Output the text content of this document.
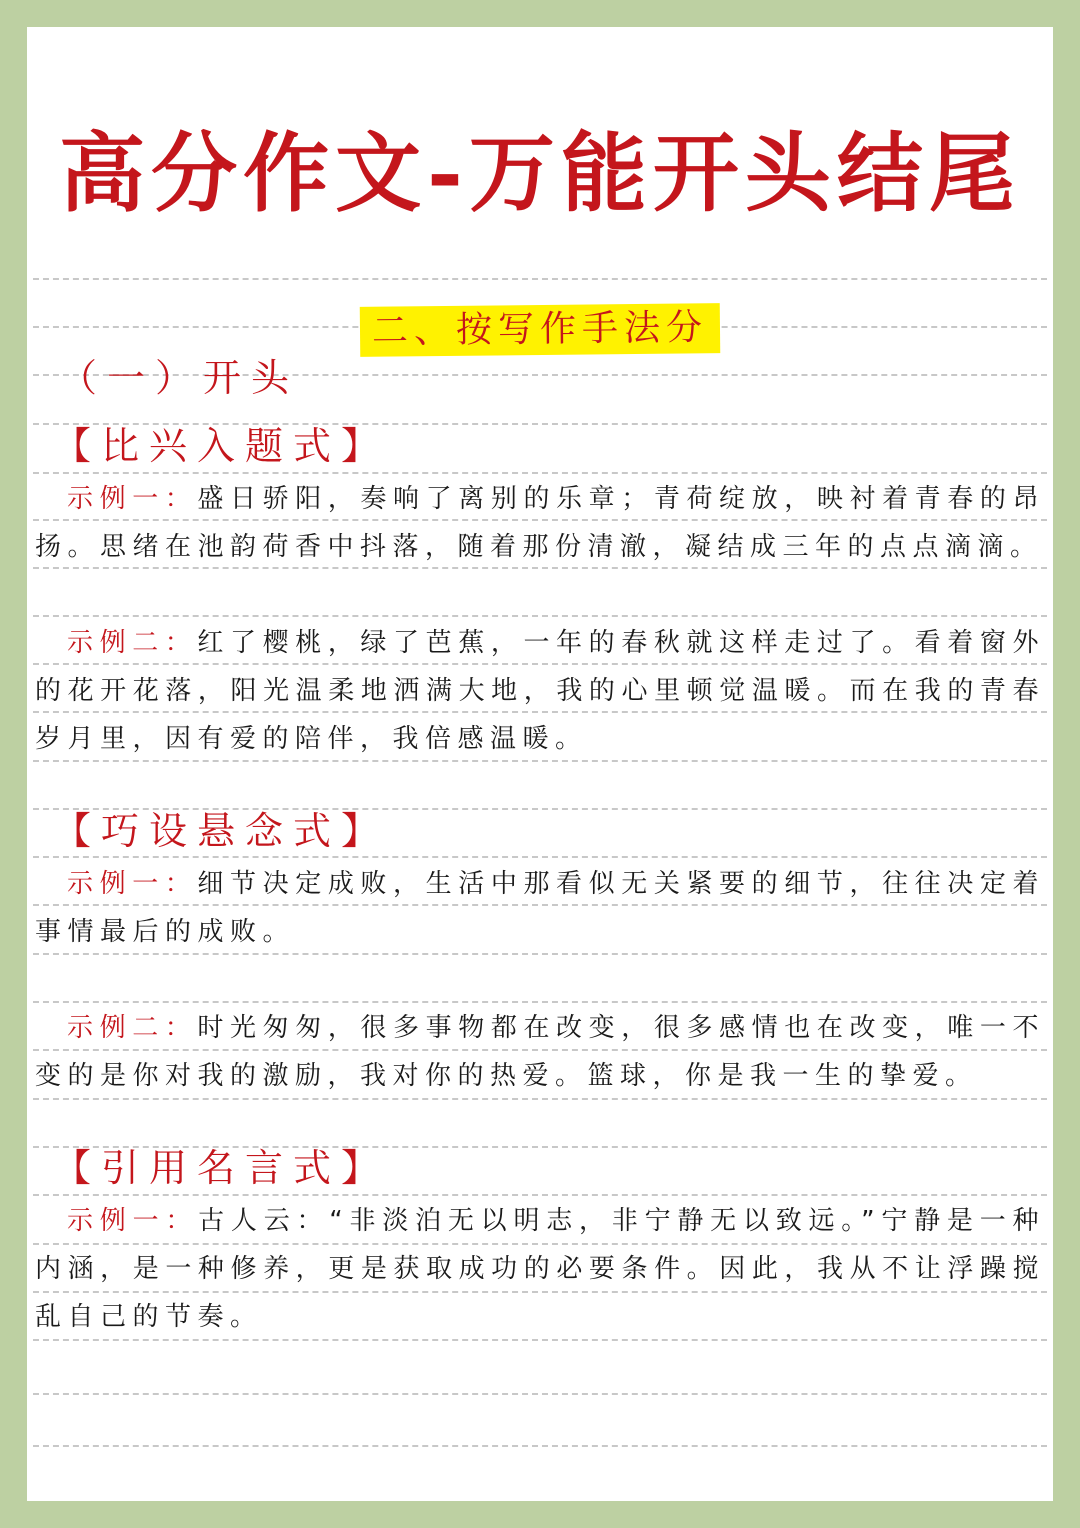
高分作文-万能开头结尾
二、按写作手法分
（一）开头
【比兴入题式】
示例一：盛日骄阳，奏响了离别的乐章；青荷绽放，映衬着青春的昂扬。思绪在池韵荷香中抖落，随着那份清澈，凝结成三年的点点滴滴。
示例二：红了樱桃，绿了芭蕉，一年的春秋就这样走过了。看着窗外的花开花落，阳光温柔地洒满大地，我的心里顿觉温暖。而在我的青春岁月里，因有爱的陪伴，我倍感温暖。
【巧设悬念式】
示例一：细节决定成败，生活中那看似无关紧要的细节，往往决定着事情最后的成败。
示例二：时光匆匆，很多事物都在改变，很多感情也在改变，唯一不变的是你对我的激励，我对你的热爱。篮球，你是我一生的挚爱。
【引用名言式】
示例一：古人云：“非淡泊无以明志，非宁静无以致远。”宁静是一种内涵，是一种修养，更是获取成功的必要条件。因此，我从不让浮躁搅乱自己的节奏。
